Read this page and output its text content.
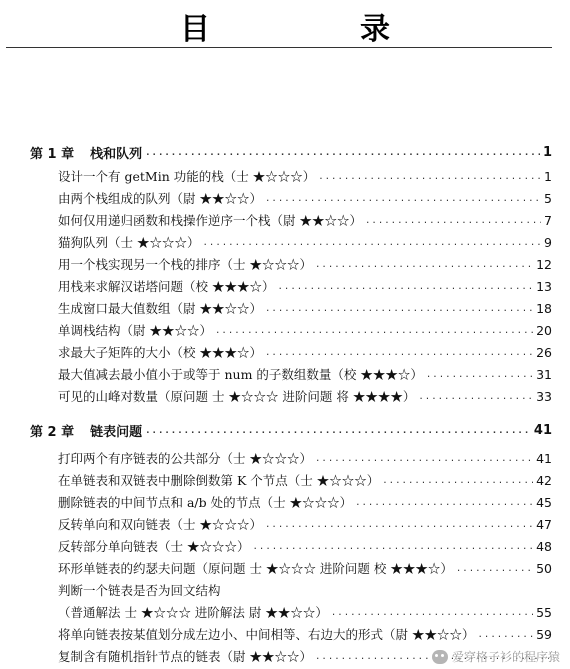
目　录
第 1 章 栈和队列 .....	1
设计一个有 getMin 功能的栈（士 ★☆☆☆） .....	1
由两个栈组成的队列（尉 ★★☆☆） .....	5
如何仅用递归函数和栈操作逆序一个栈（尉 ★★☆☆） .....	7
猫狗队列（士 ★☆☆☆） .....	9
用一个栈实现另一个栈的排序（士 ★☆☆☆） .....	12
用栈来求解汉诺塔问题（校 ★★★☆） .....	13
生成窗口最大值数组（尉 ★★☆☆） .....	18
单调栈结构（尉 ★★☆☆） .....	20
求最大子矩阵的大小（校 ★★★☆） .....	26
最大值减去最小值小于或等于 num 的子数组数量（校 ★★★☆） .....	31
可见的山峰对数量（原问题 士 ★☆☆☆ 进阶问题 将 ★★★★） .....	33
第 2 章 链表问题 .....	41
打印两个有序链表的公共部分（士 ★☆☆☆） .....	41
在单链表和双链表中删除倒数第 K 个节点（士 ★☆☆☆） .....	42
删除链表的中间节点和 a/b 处的节点（士 ★☆☆☆） .....	45
反转单向和双向链表（士 ★☆☆☆） .....	47
反转部分单向链表（士 ★☆☆☆） .....	48
环形单链表的约瑟夫问题（原问题 士 ★☆☆☆ 进阶问题 校 ★★★☆） .....	50
判断一个链表是否为回文结构
（普通解法 士 ★☆☆☆ 进阶解法 尉 ★★☆☆） .....	55
将单向链表按某值划分成左边小、中间相等、右边大的形式（尉 ★★☆☆） .....	59
复制含有随机指针节点的链表（尉 ★★☆☆） .....	爱穿格子衫的程序猿
